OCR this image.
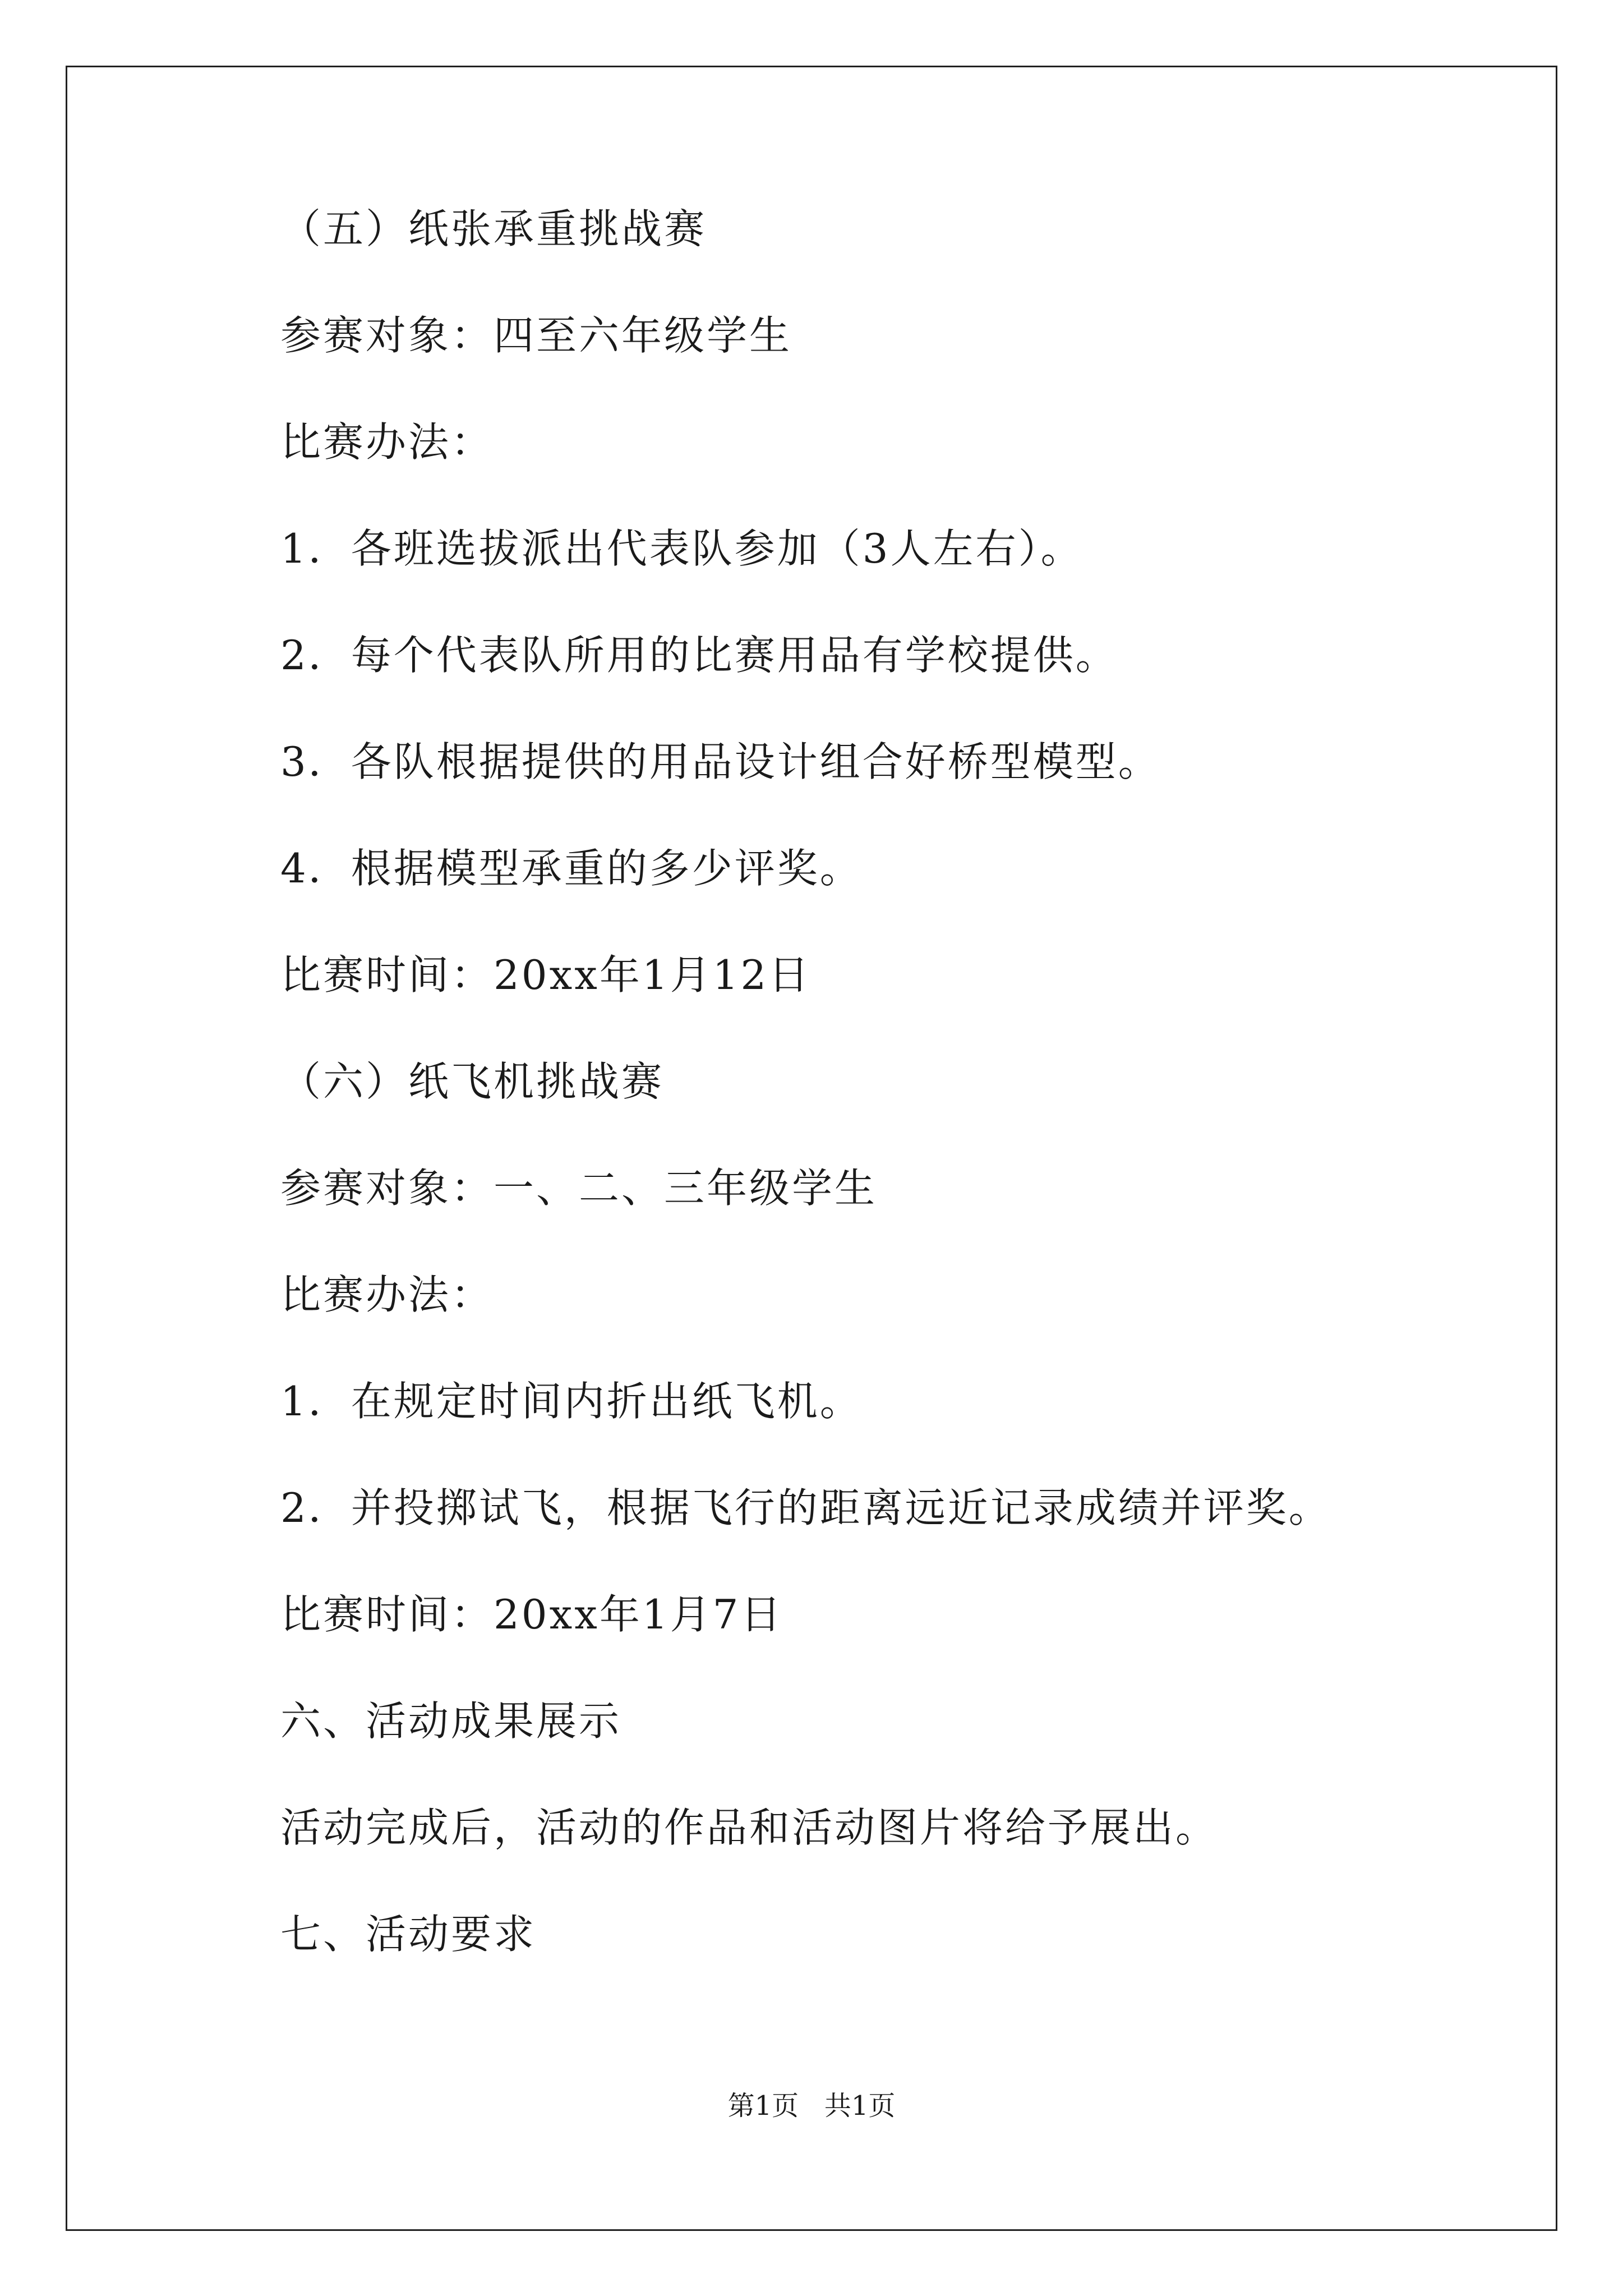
（五）纸张承重挑战赛
参赛对象：四至六年级学生
比赛办法：
1．各班选拔派出代表队参加（3人左右）。
2．每个代表队所用的比赛用品有学校提供。
3．各队根据提供的用品设计组合好桥型模型。
4．根据模型承重的多少评奖。
比赛时间：20xx年1月12日
（六）纸飞机挑战赛
参赛对象：一、二、三年级学生
比赛办法：
1．在规定时间内折出纸飞机。
2．并投掷试飞，根据飞行的距离远近记录成绩并评奖。
比赛时间：20xx年1月7日
六、活动成果展示
活动完成后，活动的作品和活动图片将给予展出。
七、活动要求
第1页   共1页
